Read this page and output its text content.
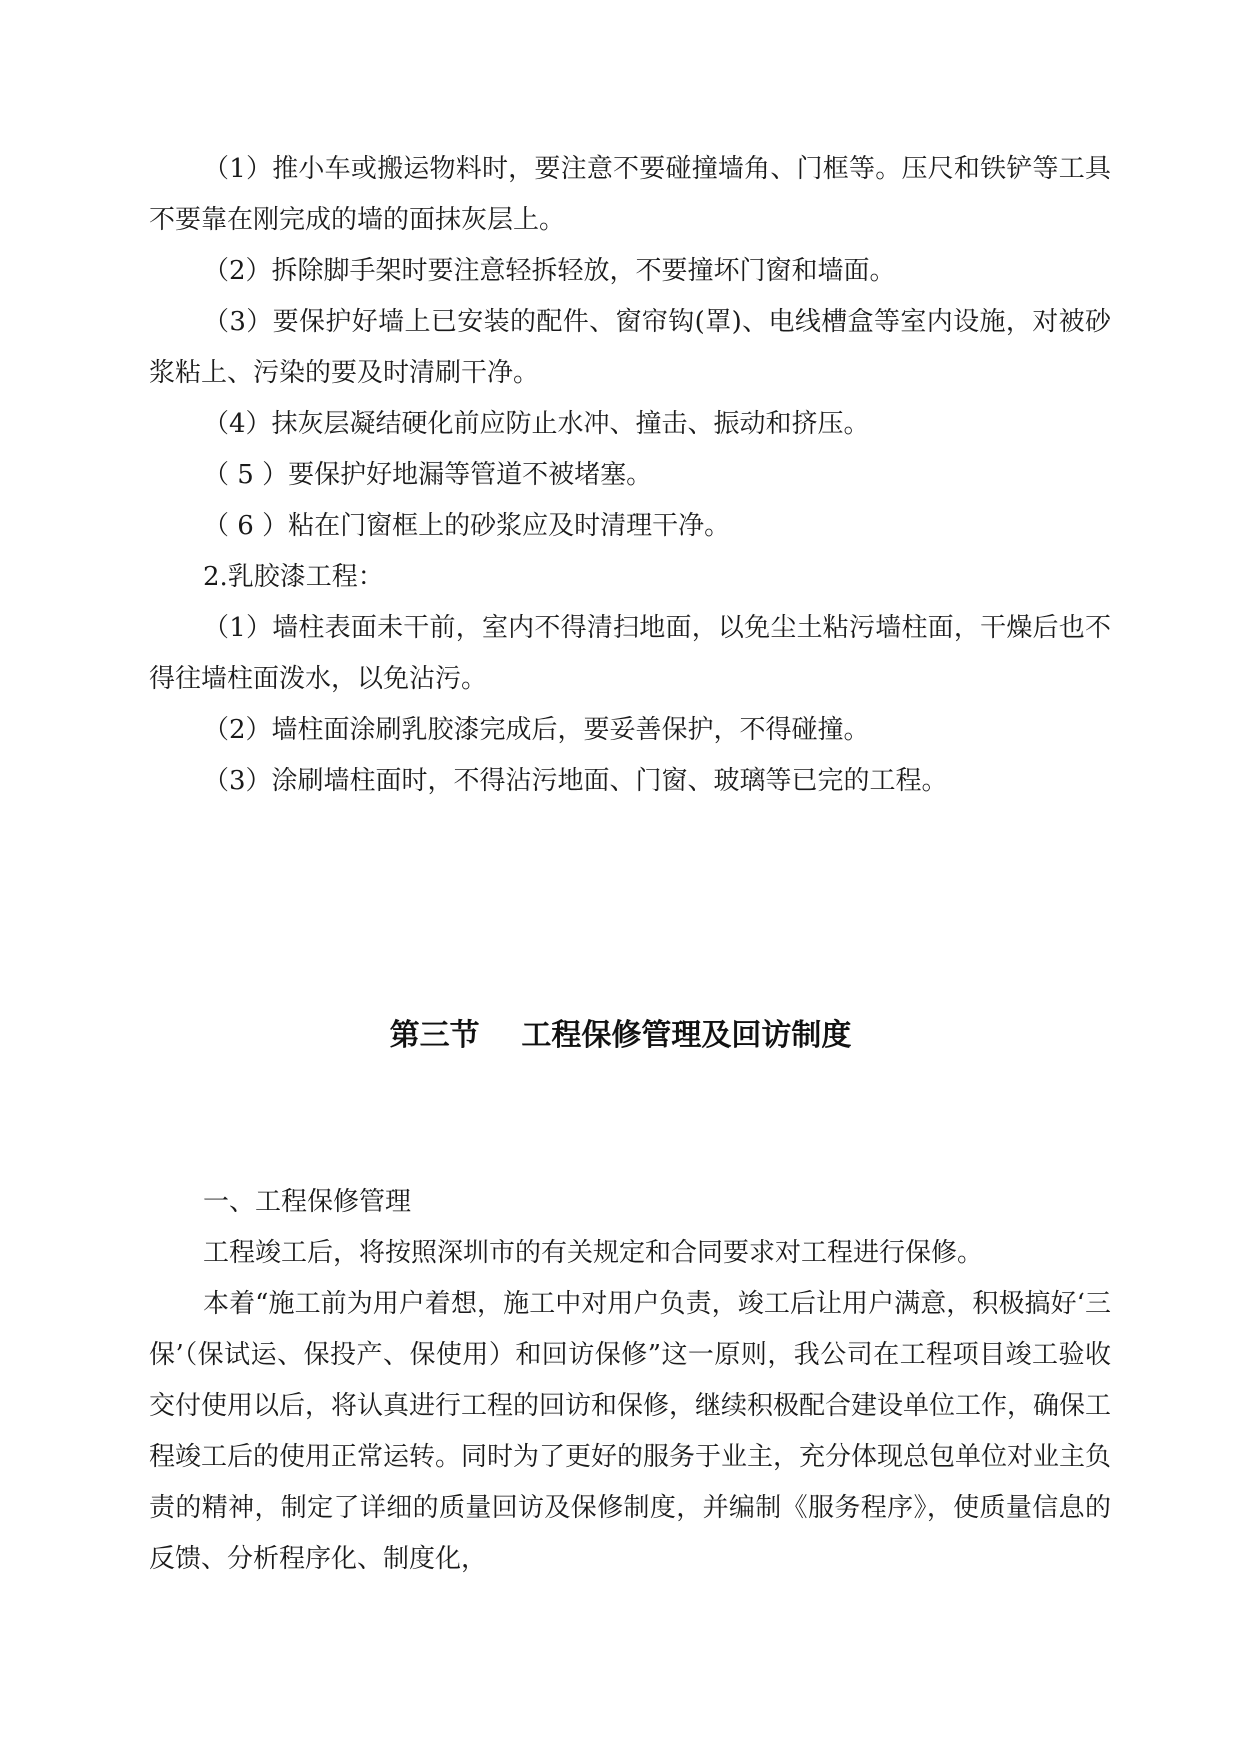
（1）推小车或搬运物料时，要注意不要碰撞墙角、门框等。压尺和铁铲等工具不要靠在刚完成的墙的面抹灰层上。

（2）拆除脚手架时要注意轻拆轻放，不要撞坏门窗和墙面。

（3）要保护好墙上已安装的配件、窗帘钩(罩)、电线槽盒等室内设施，对被砂浆粘上、污染的要及时清刷干净。

（4）抹灰层凝结硬化前应防止水冲、撞击、振动和挤压。

（ 5 ）要保护好地漏等管道不被堵塞。

（ 6 ）粘在门窗框上的砂浆应及时清理干净。

2.乳胶漆工程：

（1）墙柱表面未干前，室内不得清扫地面，以免尘土粘污墙柱面，干燥后也不得往墙柱面泼水，以免沾污。

（2）墙柱面涂刷乳胶漆完成后，要妥善保护，不得碰撞。

（3）涂刷墙柱面时，不得沾污地面、门窗、玻璃等已完的工程。

第三节    工程保修管理及回访制度

一、工程保修管理

工程竣工后，将按照深圳市的有关规定和合同要求对工程进行保修。

本着“施工前为用户着想，施工中对用户负责，竣工后让用户满意，积极搞好‘三保’（保试运、保投产、保使用）和回访保修”这一原则，我公司在工程项目竣工验收交付使用以后，将认真进行工程的回访和保修，继续积极配合建设单位工作，确保工程竣工后的使用正常运转。同时为了更好的服务于业主，充分体现总包单位对业主负责的精神，制定了详细的质量回访及保修制度，并编制《服务程序》，使质量信息的反馈、分析程序化、制度化，
